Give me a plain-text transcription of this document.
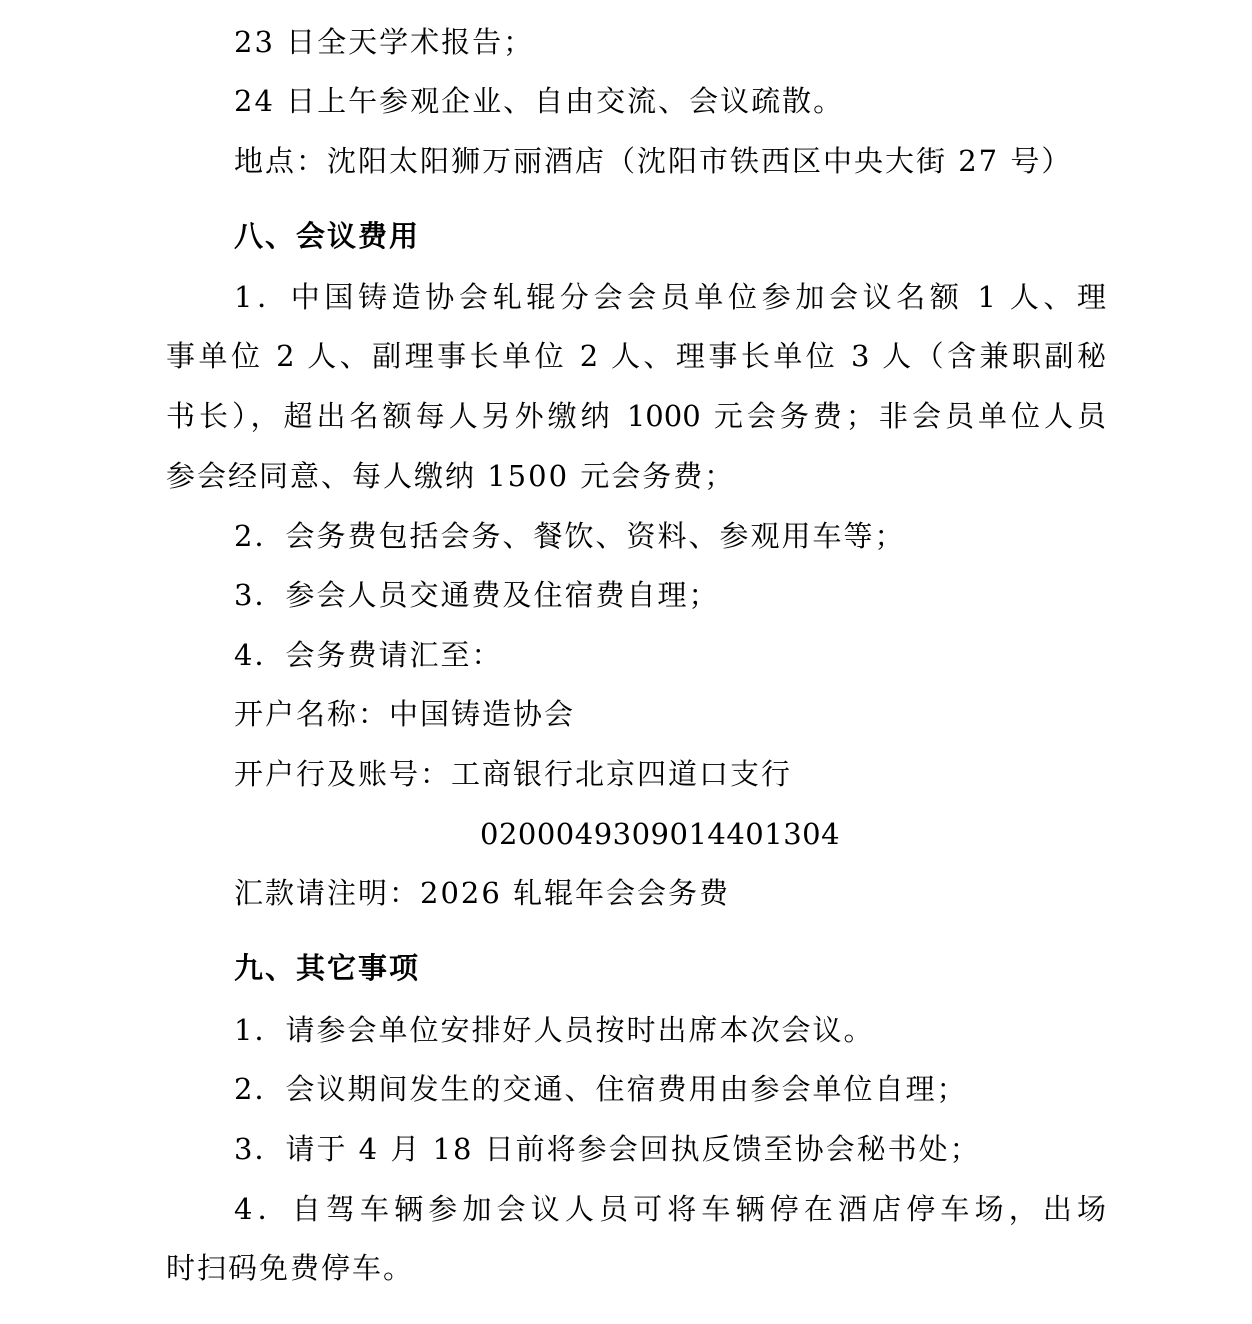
23 日全天学术报告；
24 日上午参观企业、自由交流、会议疏散。
地点：沈阳太阳狮万丽酒店（沈阳市铁西区中央大街 27 号）
八、会议费用
1．中国铸造协会轧辊分会会员单位参加会议名额 1 人、理
事单位 2 人、副理事长单位 2 人、理事长单位 3 人（含兼职副秘
书长），超出名额每人另外缴纳 1000 元会务费；非会员单位人员
参会经同意、每人缴纳 1500 元会务费；
2．会务费包括会务、餐饮、资料、参观用车等；
3．参会人员交通费及住宿费自理；
4．会务费请汇至：
开户名称：中国铸造协会
开户行及账号：工商银行北京四道口支行
0200049309014401304
汇款请注明：2026 轧辊年会会务费
九、其它事项
1．请参会单位安排好人员按时出席本次会议。
2．会议期间发生的交通、住宿费用由参会单位自理；
3．请于 4 月 18 日前将参会回执反馈至协会秘书处；
4．自驾车辆参加会议人员可将车辆停在酒店停车场，出场
时扫码免费停车。
